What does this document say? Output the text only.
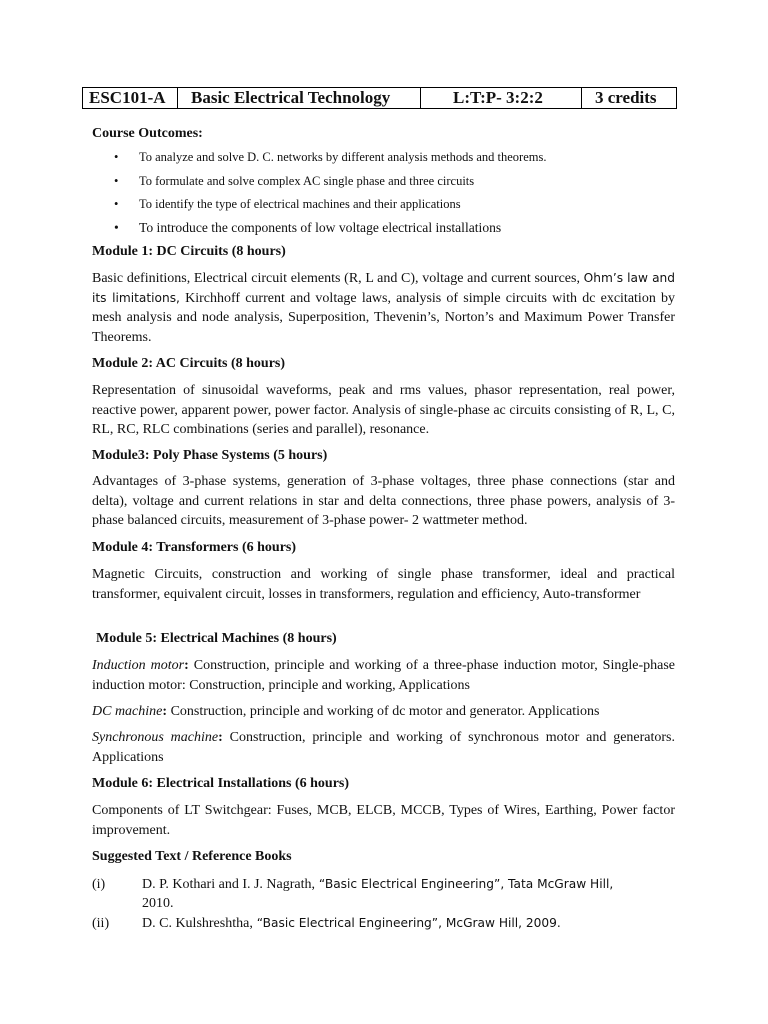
ESC101-A	Basic Electrical Technology	L:T:P- 3:2:2	3 credits
Course Outcomes:
• To analyze and solve D. C. networks by different analysis methods and theorems.
• To formulate and solve complex AC single phase and three circuits
• To identify the type of electrical machines and their applications
• To introduce the components of low voltage electrical installations
Module 1: DC Circuits (8 hours)

Basic definitions, Electrical circuit elements (R, L and C), voltage and current sources, Ohm’s law and its limitations, Kirchhoff current and voltage laws, analysis of simple circuits with dc excitation by mesh analysis and node analysis, Superposition, Thevenin’s, Norton’s and Maximum Power Transfer Theorems.

Module 2: AC Circuits (8 hours)

Representation of sinusoidal waveforms, peak and rms values, phasor representation, real power, reactive power, apparent power, power factor. Analysis of single-phase ac circuits consisting of R, L, C, RL, RC, RLC combinations (series and parallel), resonance.

Module3: Poly Phase Systems (5 hours)

Advantages of 3-phase systems, generation of 3-phase voltages, three phase connections (star and delta), voltage and current relations in star and delta connections, three phase powers, analysis of 3-phase balanced circuits, measurement of 3-phase power- 2 wattmeter method.

Module 4: Transformers (6 hours)

Magnetic Circuits, construction and working of single phase transformer, ideal and practical transformer, equivalent circuit, losses in transformers, regulation and efficiency, Auto-transformer

Module 5: Electrical Machines (8 hours)

Induction motor: Construction, principle and working of a three-phase induction motor, Single-phase induction motor: Construction, principle and working, Applications

DC machine: Construction, principle and working of dc motor and generator. Applications

Synchronous machine: Construction, principle and working of synchronous motor and generators. Applications

Module 6: Electrical Installations (6 hours)

Components of LT Switchgear: Fuses, MCB, ELCB, MCCB, Types of Wires, Earthing, Power factor improvement.

Suggested Text / Reference Books
(i)	D. P. Kothari and I. J. Nagrath, “Basic Electrical Engineering”, Tata McGraw Hill,
2010.
(ii)	D. C. Kulshreshtha, “Basic Electrical Engineering”, McGraw Hill, 2009.
